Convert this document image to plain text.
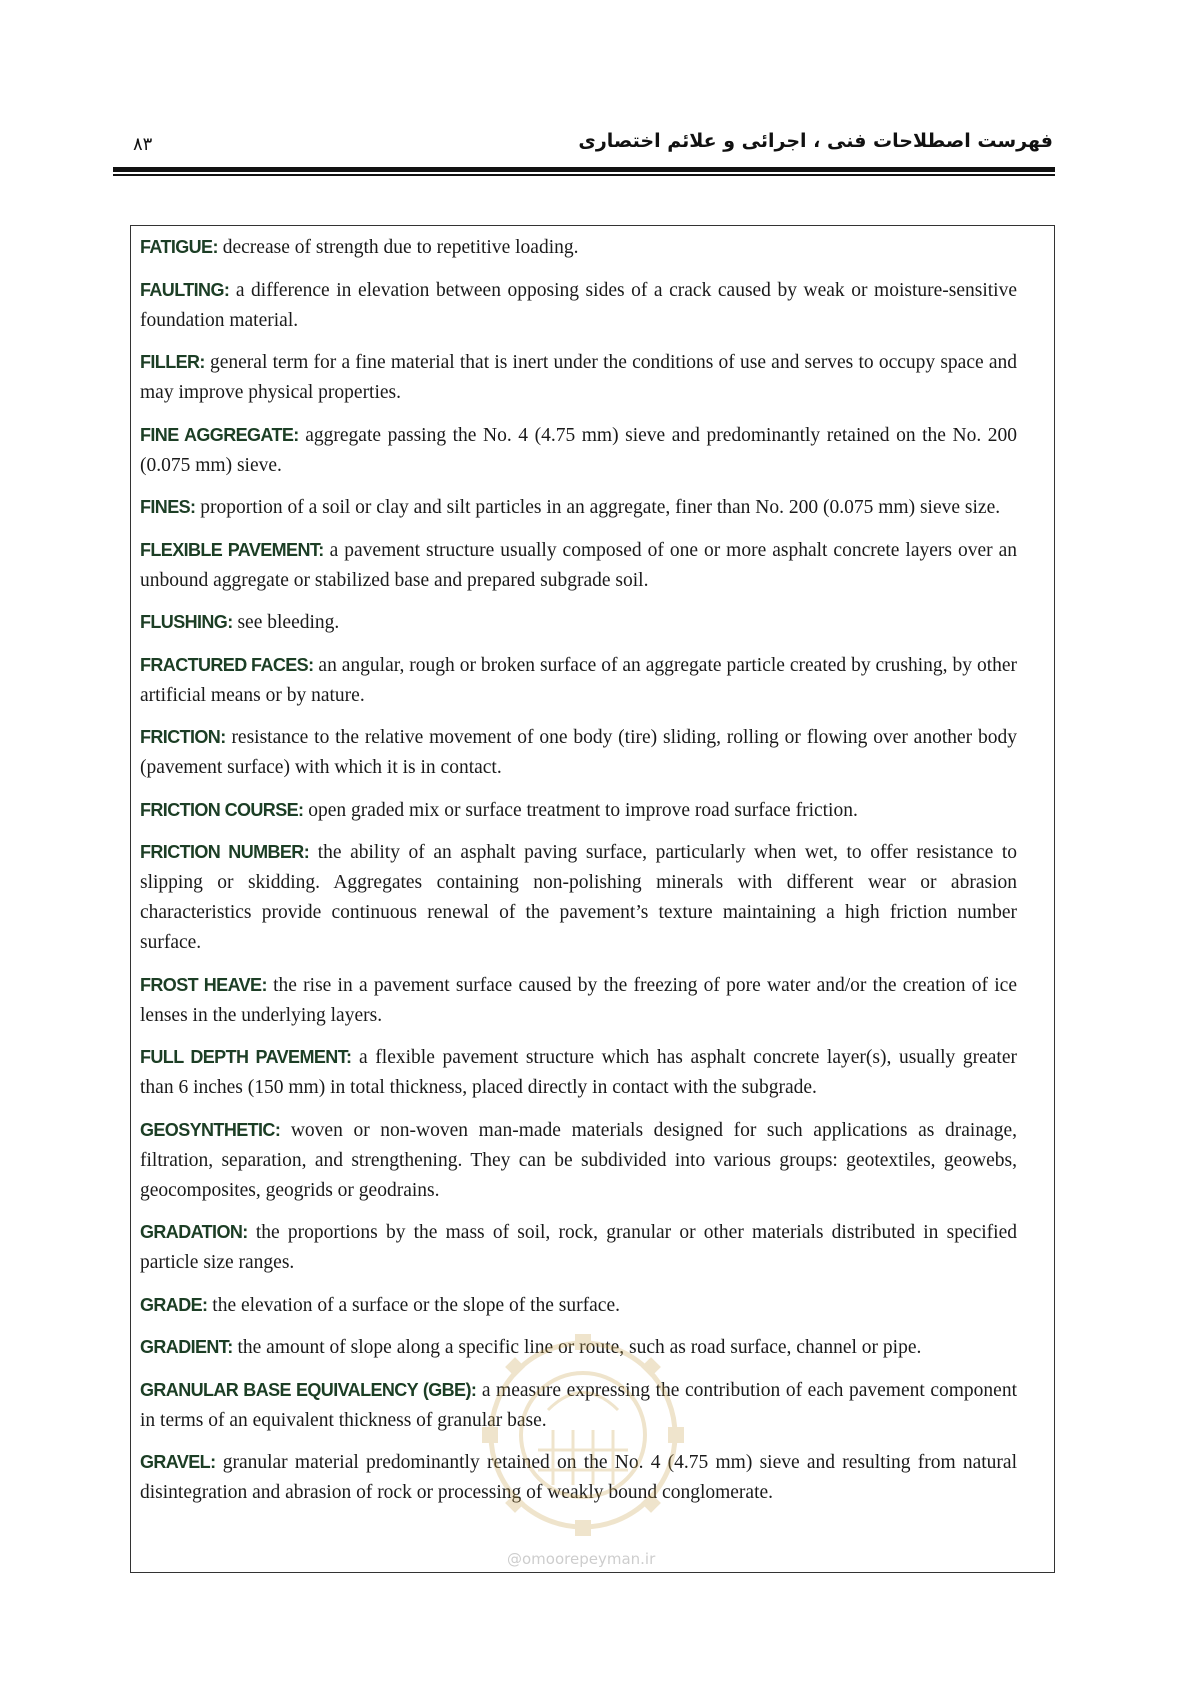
۸۳	فهرست اصطلاحات فنی ، اجرائی و علائم اختصاری

FATIGUE: decrease of strength due to repetitive loading.

FAULTING: a difference in elevation between opposing sides of a crack caused by weak or moisture-sensitive foundation material.

FILLER: general term for a fine material that is inert under the conditions of use and serves to occupy space and may improve physical properties.

FINE AGGREGATE: aggregate passing the No. 4 (4.75 mm) sieve and predominantly retained on the No. 200 (0.075 mm) sieve.

FINES: proportion of a soil or clay and silt particles in an aggregate, finer than No. 200 (0.075 mm) sieve size.

FLEXIBLE PAVEMENT: a pavement structure usually composed of one or more asphalt concrete layers over an unbound aggregate or stabilized base and prepared subgrade soil.

FLUSHING: see bleeding.

FRACTURED FACES: an angular, rough or broken surface of an aggregate particle created by crushing, by other artificial means or by nature.

FRICTION: resistance to the relative movement of one body (tire) sliding, rolling or flowing over another body (pavement surface) with which it is in contact.

FRICTION COURSE: open graded mix or surface treatment to improve road surface friction.

FRICTION NUMBER: the ability of an asphalt paving surface, particularly when wet, to offer resistance to slipping or skidding. Aggregates containing non-polishing minerals with different wear or abrasion characteristics provide continuous renewal of the pavement’s texture maintaining a high friction number surface.

FROST HEAVE: the rise in a pavement surface caused by the freezing of pore water and/or the creation of ice lenses in the underlying layers.

FULL DEPTH PAVEMENT: a flexible pavement structure which has asphalt concrete layer(s), usually greater than 6 inches (150 mm) in total thickness, placed directly in contact with the subgrade.

GEOSYNTHETIC: woven or non-woven man-made materials designed for such applications as drainage, filtration, separation, and strengthening. They can be subdivided into various groups: geotextiles, geowebs, geocomposites, geogrids or geodrains.

GRADATION: the proportions by the mass of soil, rock, granular or other materials distributed in specified particle size ranges.

GRADE: the elevation of a surface or the slope of the surface.

GRADIENT: the amount of slope along a specific line or route, such as road surface, channel or pipe.

GRANULAR BASE EQUIVALENCY (GBE): a measure expressing the contribution of each pavement component in terms of an equivalent thickness of granular base.

GRAVEL: granular material predominantly retained on the No. 4 (4.75 mm) sieve and resulting from natural disintegration and abrasion of rock or processing of weakly bound conglomerate.

@omoorepeyman.ir
